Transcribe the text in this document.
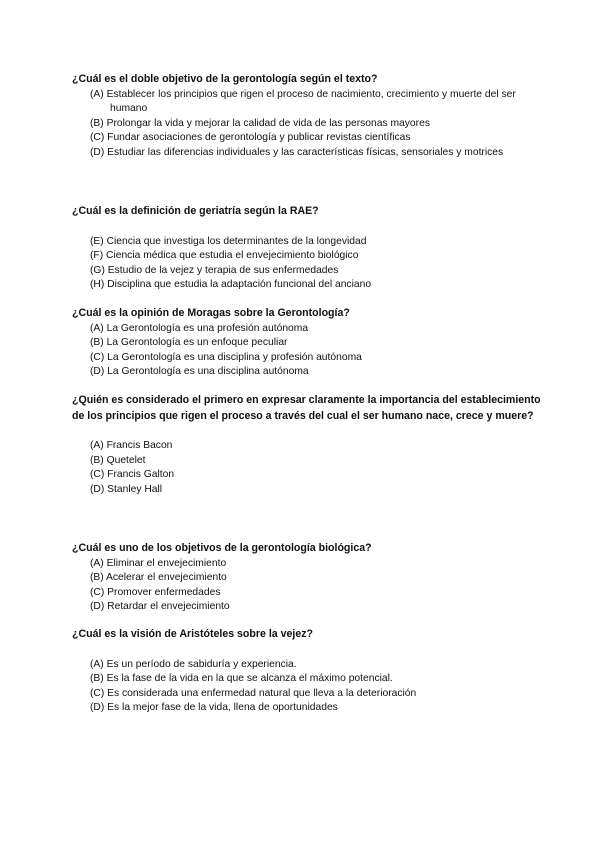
¿Cuál es el doble objetivo de la gerontología según el texto?

(A) Establecer los principios que rigen el proceso de nacimiento, crecimiento y muerte del ser humano
(B) Prolongar la vida y mejorar la calidad de vida de las personas mayores
(C) Fundar asociaciones de gerontología y publicar revistas científicas
(D) Estudiar las diferencias individuales y las características físicas, sensoriales y motrices

¿Cuál es la definición de geriatría según la RAE?

(E) Ciencia que investiga los determinantes de la longevidad
(F) Ciencia médica que estudia el envejecimiento biológico
(G) Estudio de la vejez y terapia de sus enfermedades
(H) Disciplina que estudia la adaptación funcional del anciano

¿Cuál es la opinión de Moragas sobre la Gerontología?

(A) La Gerontología es una profesión autónoma
(B) La Gerontología es un enfoque peculiar
(C) La Gerontología es una disciplina y profesión autónoma
(D) La Gerontología es una disciplina autónoma

¿Quién es considerado el primero en expresar claramente la importancia del establecimiento de los principios que rigen el proceso a través del cual el ser humano nace, crece y muere?

(A) Francis Bacon
(B) Quetelet
(C) Francis Galton
(D) Stanley Hall

¿Cuál es uno de los objetivos de la gerontología biológica?

(A) Eliminar el envejecimiento
(B) Acelerar el envejecimiento
(C) Promover enfermedades
(D) Retardar el envejecimiento

¿Cuál es la visión de Aristóteles sobre la vejez?

(A) Es un período de sabiduría y experiencia.
(B) Es la fase de la vida en la que se alcanza el máximo potencial.
(C) Es considerada una enfermedad natural que lleva a la deterioración
(D) Es la mejor fase de la vida, llena de oportunidades
